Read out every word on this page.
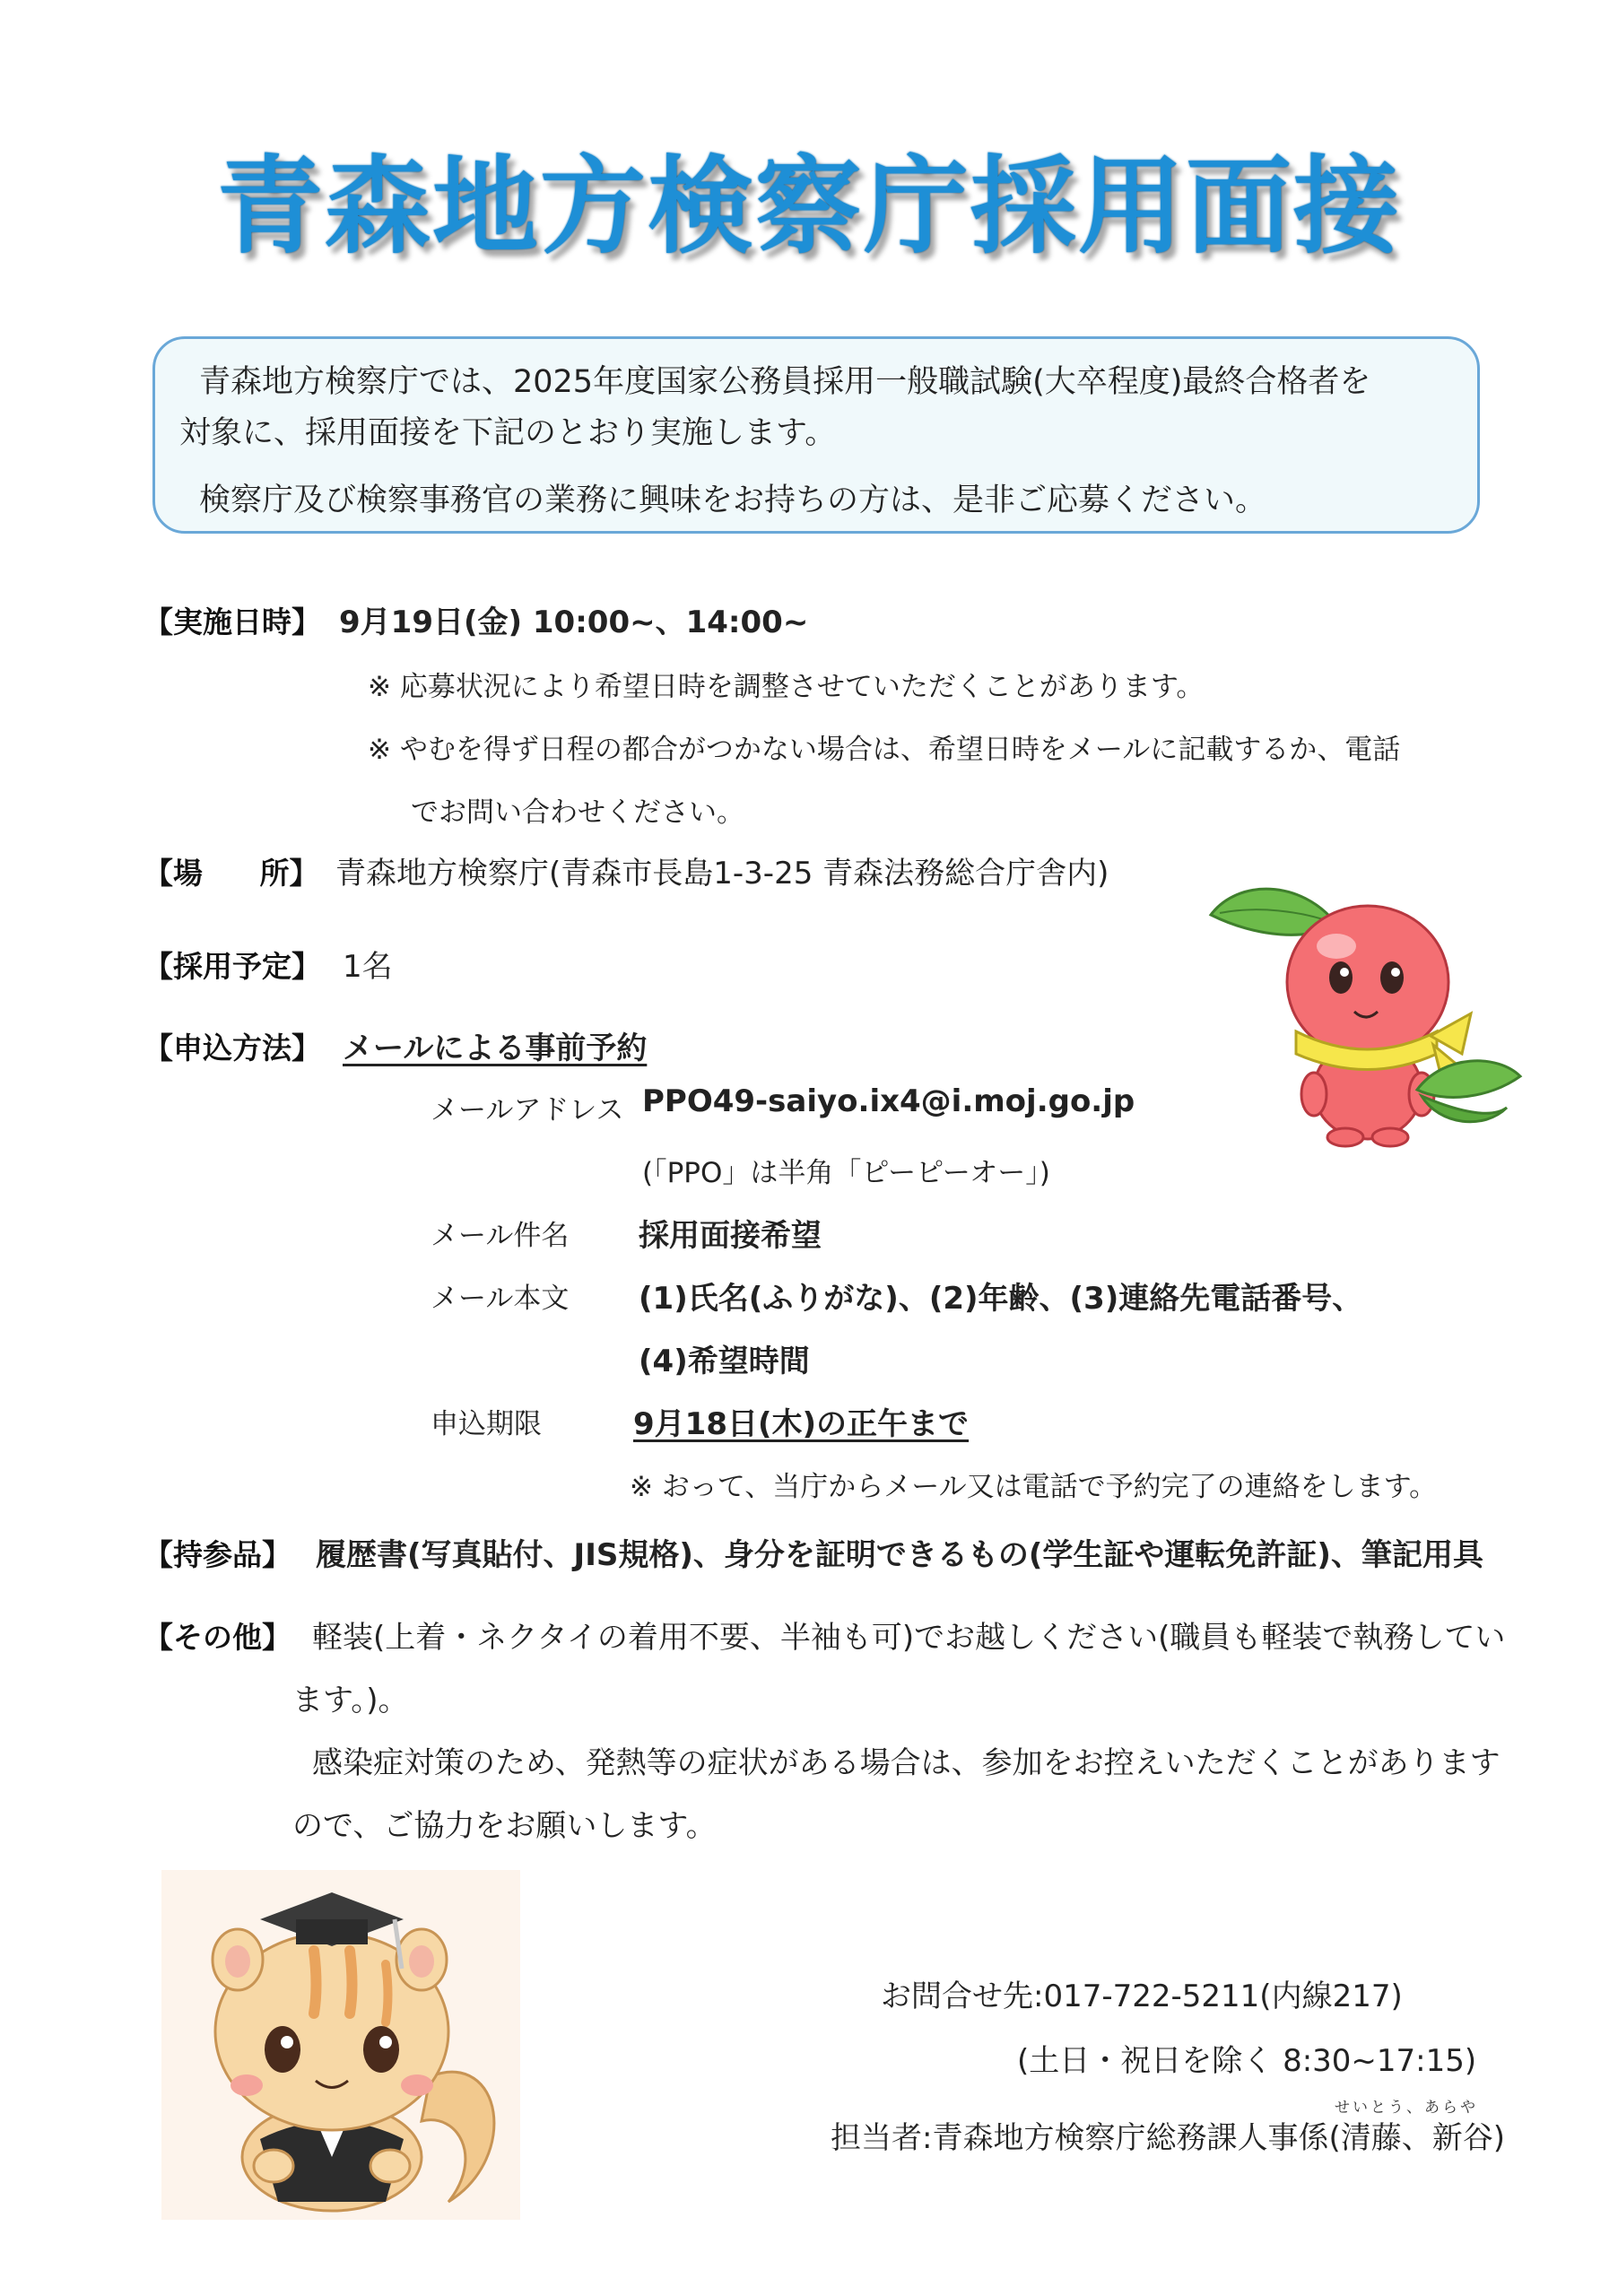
青森地方検察庁採用面接
青森地方検察庁では、2025年度国家公務員採用一般職試験(大卒程度)最終合格者を
対象に、採用面接を下記のとおり実施します。
検察庁及び検察事務官の業務に興味をお持ちの方は、是非ご応募ください。
【実施日時】 9月19日(金) 10:00~、14:00~
※ 応募状況により希望日時を調整させていただくことがあります。
※ やむを得ず日程の都合がつかない場合は、希望日時をメールに記載するか、電話
でお問い合わせください。
【場 所】 青森地方検察庁(青森市長島1-3-25 青森法務総合庁舎内)
【採用予定】 1名
【申込方法】 メールによる事前予約
メールアドレス PPO49-saiyo.ix4@i.moj.go.jp
(「PPO」は半角「ピーピーオー」)
メール件名 採用面接希望
メール本文 (1)氏名(ふりがな)、(2)年齢、(3)連絡先電話番号、
(4)希望時間
申込期限	9月18日(木)の正午まで
※ おって、当庁からメール又は電話で予約完了の連絡をします。
【持参品】 履歴書(写真貼付、JIS規格)、身分を証明できるもの(学生証や運転免許証)、筆記用具
【その他】 軽装(上着・ネクタイの着用不要、半袖も可)でお越しください(職員も軽装で執務してい
ます。)。
感染症対策のため、発熱等の症状がある場合は、参加をお控えいただくことがあります
ので、ご協力をお願いします。
お問合せ先:017-722-5211(内線217)
(土日・祝日を除く 8:30~17:15)
せいとう、あらや
担当者:青森地方検察庁総務課人事係(清藤、新谷)
